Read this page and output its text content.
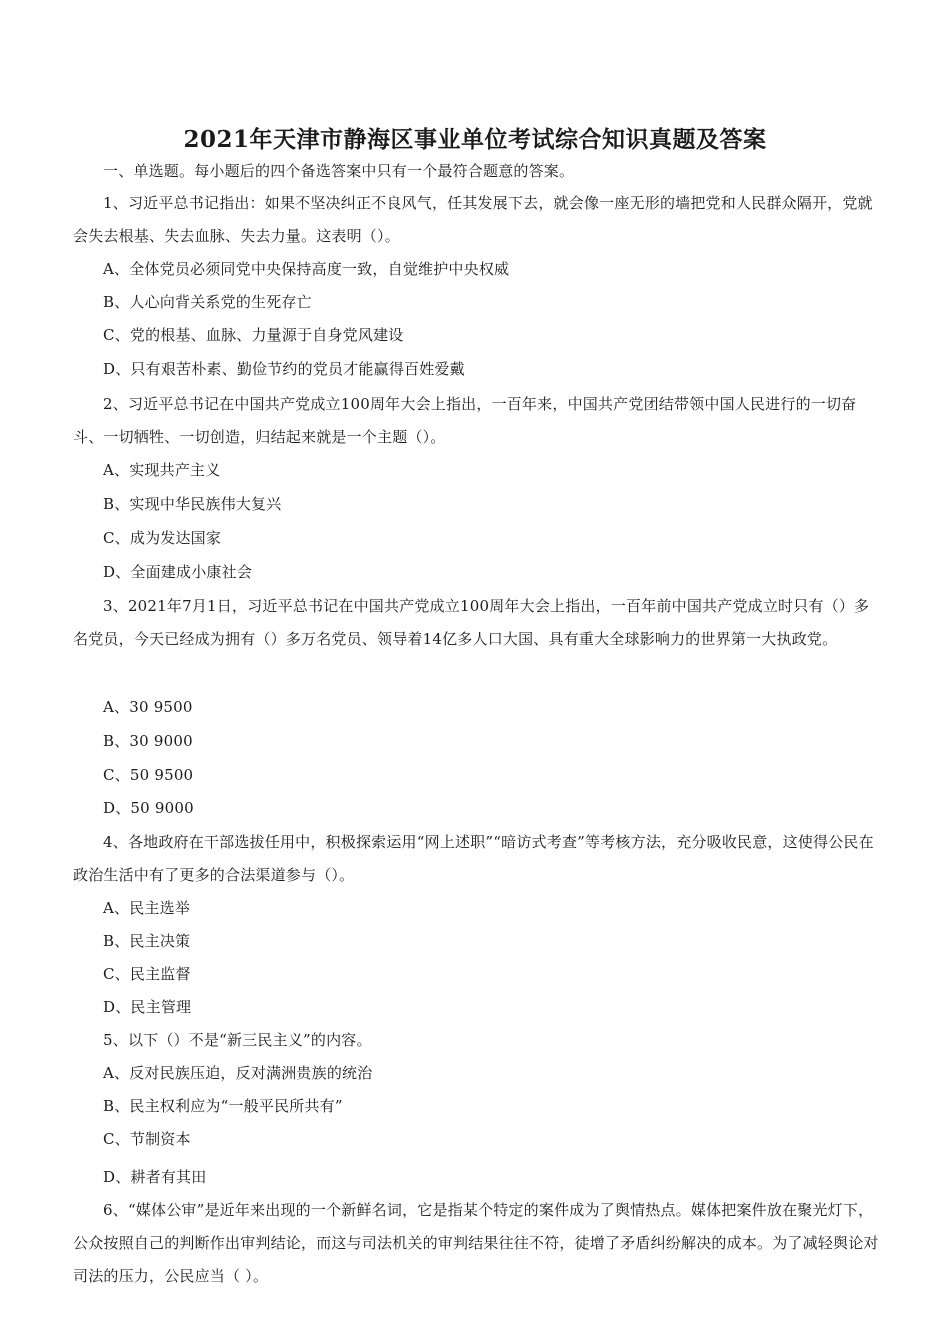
2021年天津市静海区事业单位考试综合知识真题及答案
一、单选题。每小题后的四个备选答案中只有一个最符合题意的答案。
1、习近平总书记指出：如果不坚决纠正不良风气，任其发展下去，就会像一座无形的墙把党和人民群众隔开，党就会失去根基、失去血脉、失去力量。这表明（）。
A、全体党员必须同党中央保持高度一致，自觉维护中央权威
B、人心向背关系党的生死存亡
C、党的根基、血脉、力量源于自身党风建设
D、只有艰苦朴素、勤俭节约的党员才能赢得百姓爱戴
2、习近平总书记在中国共产党成立100周年大会上指出，一百年来，中国共产党团结带领中国人民进行的一切奋斗、一切牺牲、一切创造，归结起来就是一个主题（）。
A、实现共产主义
B、实现中华民族伟大复兴
C、成为发达国家
D、全面建成小康社会
3、2021年7月1日，习近平总书记在中国共产党成立100周年大会上指出，一百年前中国共产党成立时只有（）多名党员，今天已经成为拥有（）多万名党员、领导着14亿多人口大国、具有重大全球影响力的世界第一大执政党。
A、30 9500
B、30 9000
C、50 9500
D、50 9000
4、各地政府在干部选拔任用中，积极探索运用“网上述职”“暗访式考查”等考核方法，充分吸收民意，这使得公民在政治生活中有了更多的合法渠道参与（）。
A、民主选举
B、民主决策
C、民主监督
D、民主管理
5、以下（）不是“新三民主义”的内容。
A、反对民族压迫，反对满洲贵族的统治
B、民主权利应为“一般平民所共有”
C、节制资本
D、耕者有其田
6、“媒体公审”是近年来出现的一个新鲜名词，它是指某个特定的案件成为了舆情热点。媒体把案件放在聚光灯下，公众按照自己的判断作出审判结论，而这与司法机关的审判结果往往不符，徒增了矛盾纠纷解决的成本。为了减轻舆论对司法的压力，公民应当（ ）。
